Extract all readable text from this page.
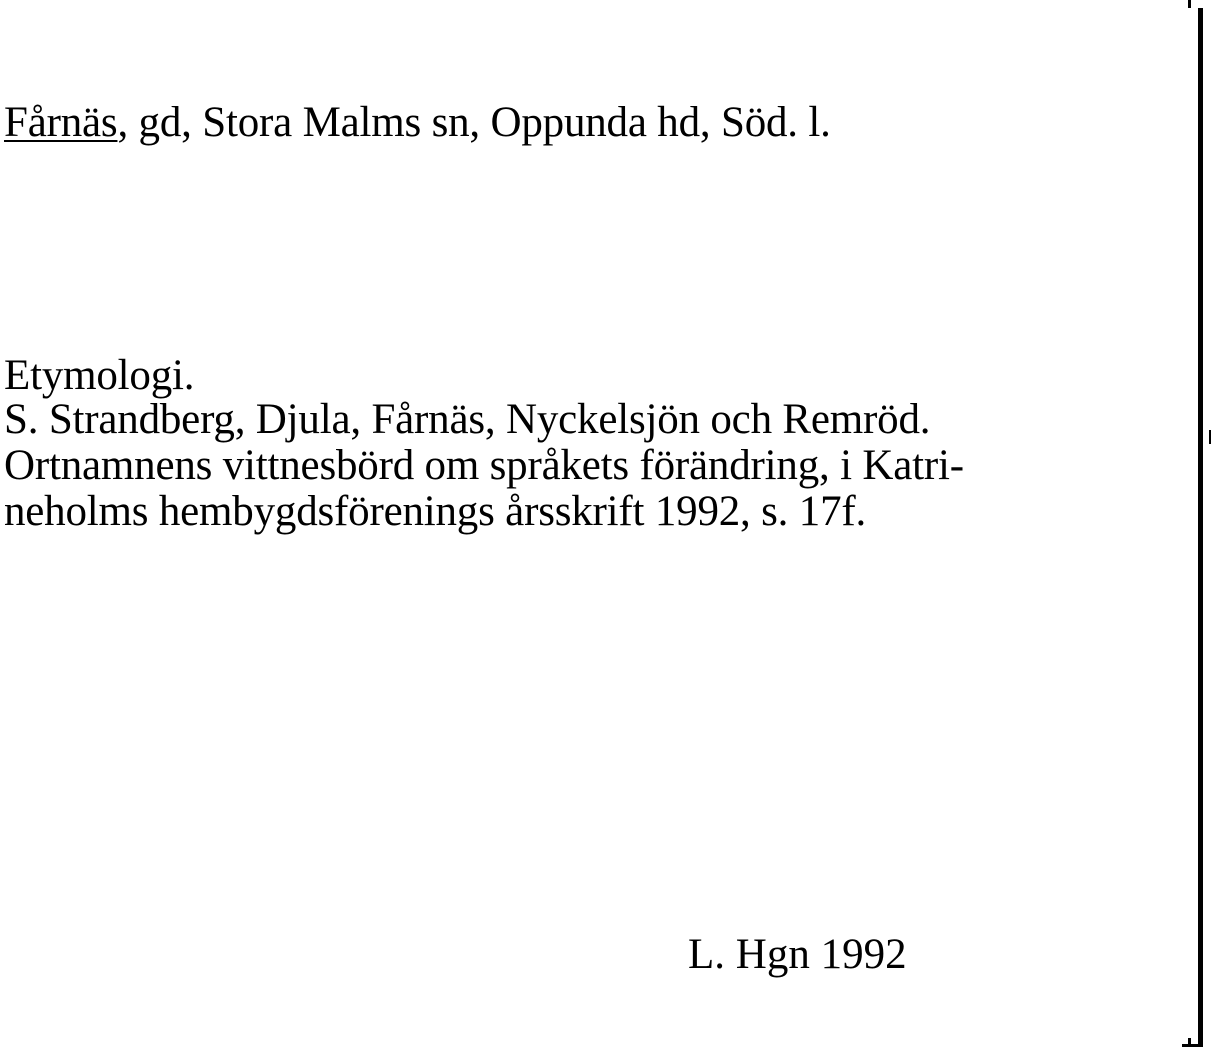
Fårnäs, gd, Stora Malms sn, Oppunda hd, Söd. l.

Etymologi.

S. Strandberg, Djula, Fårnäs, Nyckelsjön och Remröd.

Ortnamnens vittnesbörd om språkets förändring, i Katri-

neholms hembygdsförenings årsskrift 1992, s. 17f.

L. Hgn 1992
